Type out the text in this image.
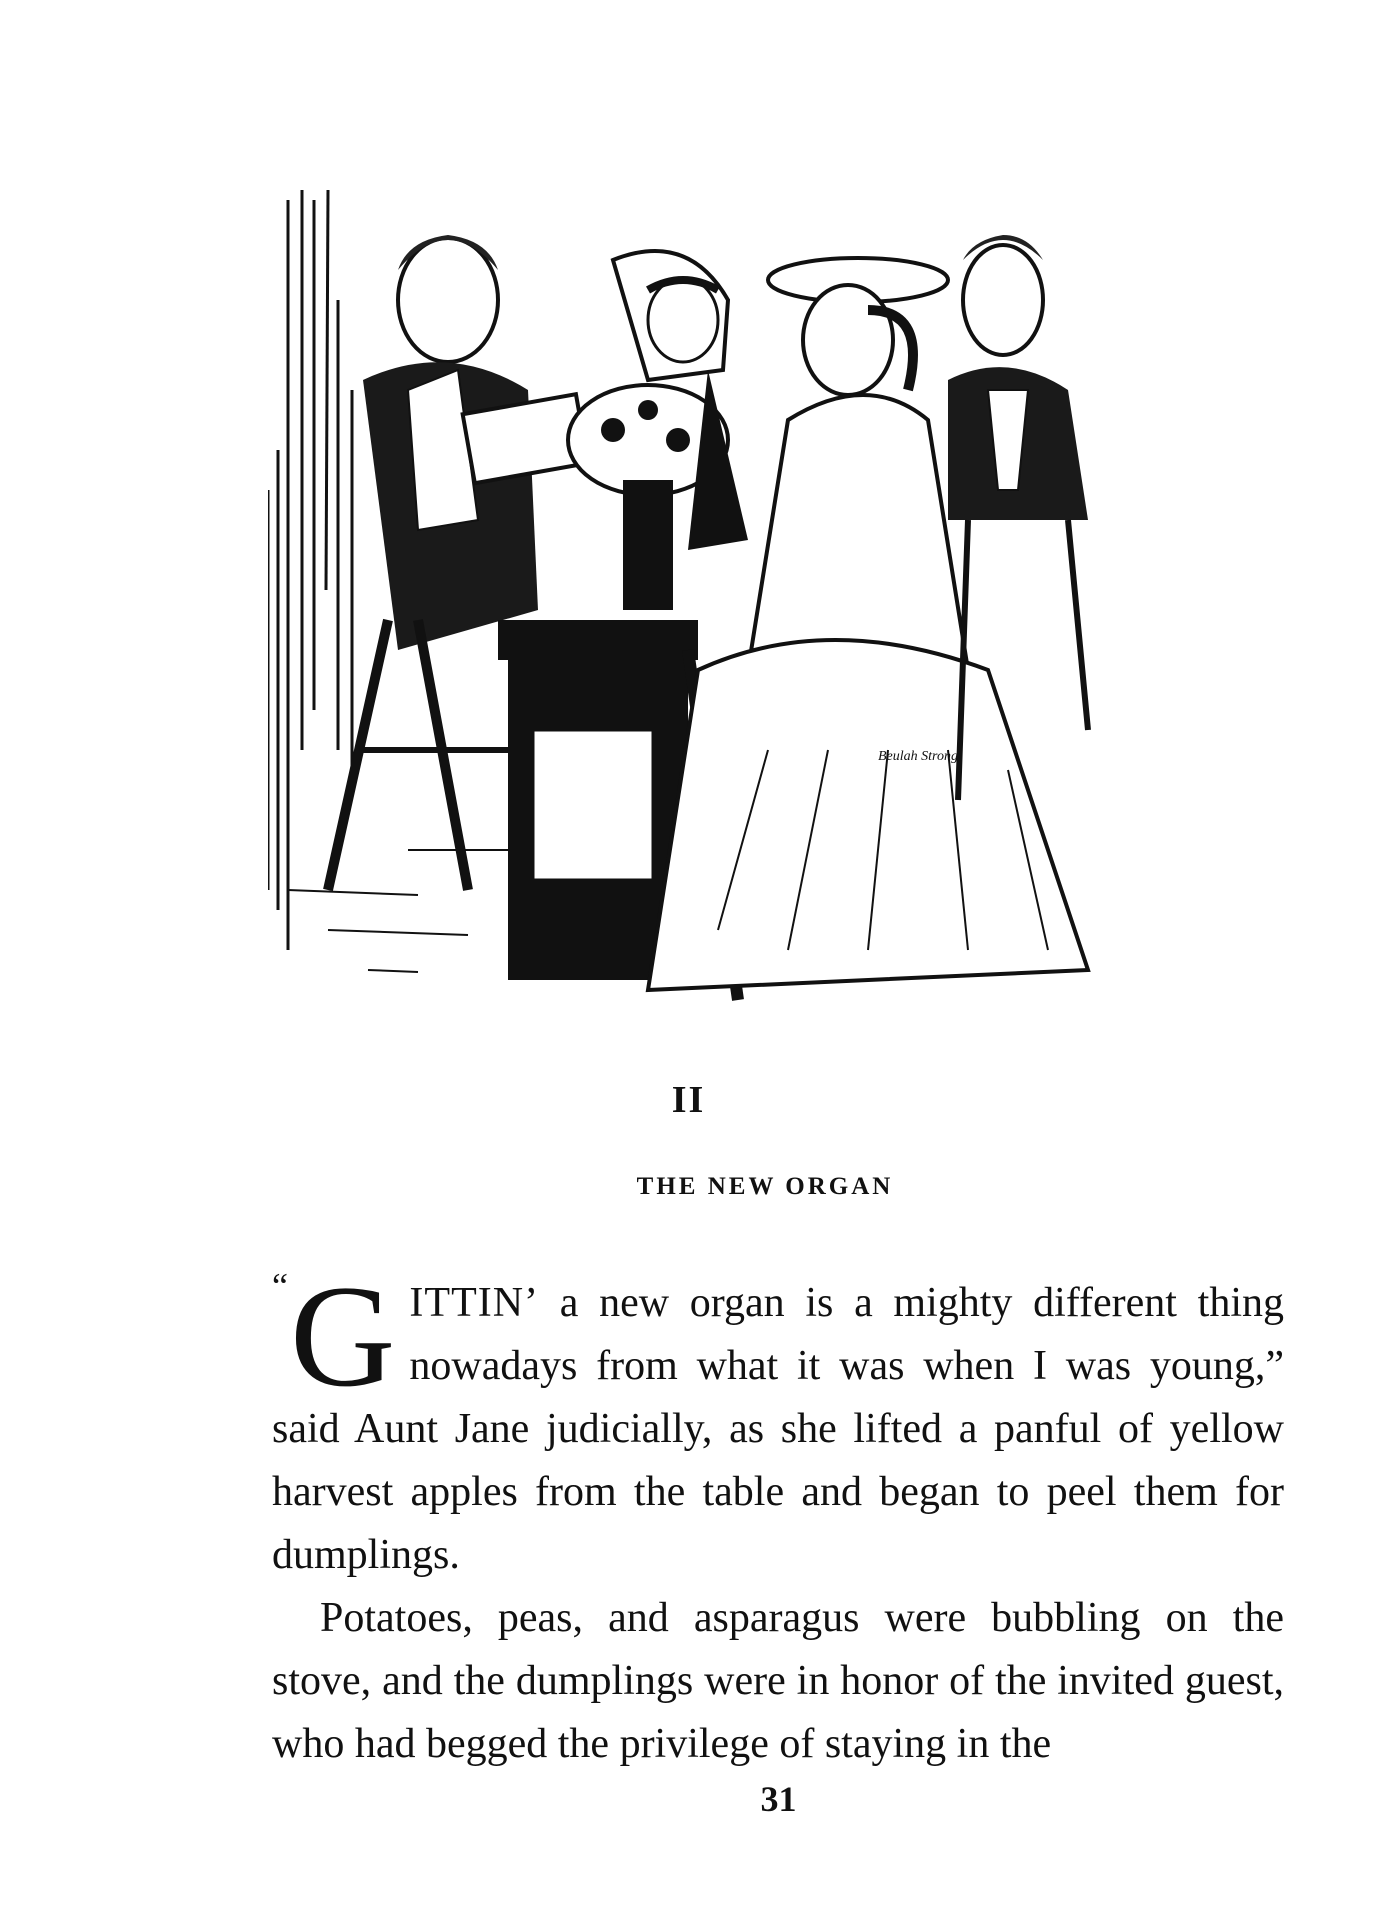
Beulah Strong
II
THE NEW ORGAN

“ G ITTIN’ a new organ is a mighty different thing nowadays from what it was when I was young,” said Aunt Jane judicially, as she lifted a panful of yellow harvest apples from the table and began to peel them for dumplings.

Potatoes, peas, and asparagus were bubbling on the stove, and the dumplings were in honor of the invited guest, who had begged the privilege of staying in the

31
